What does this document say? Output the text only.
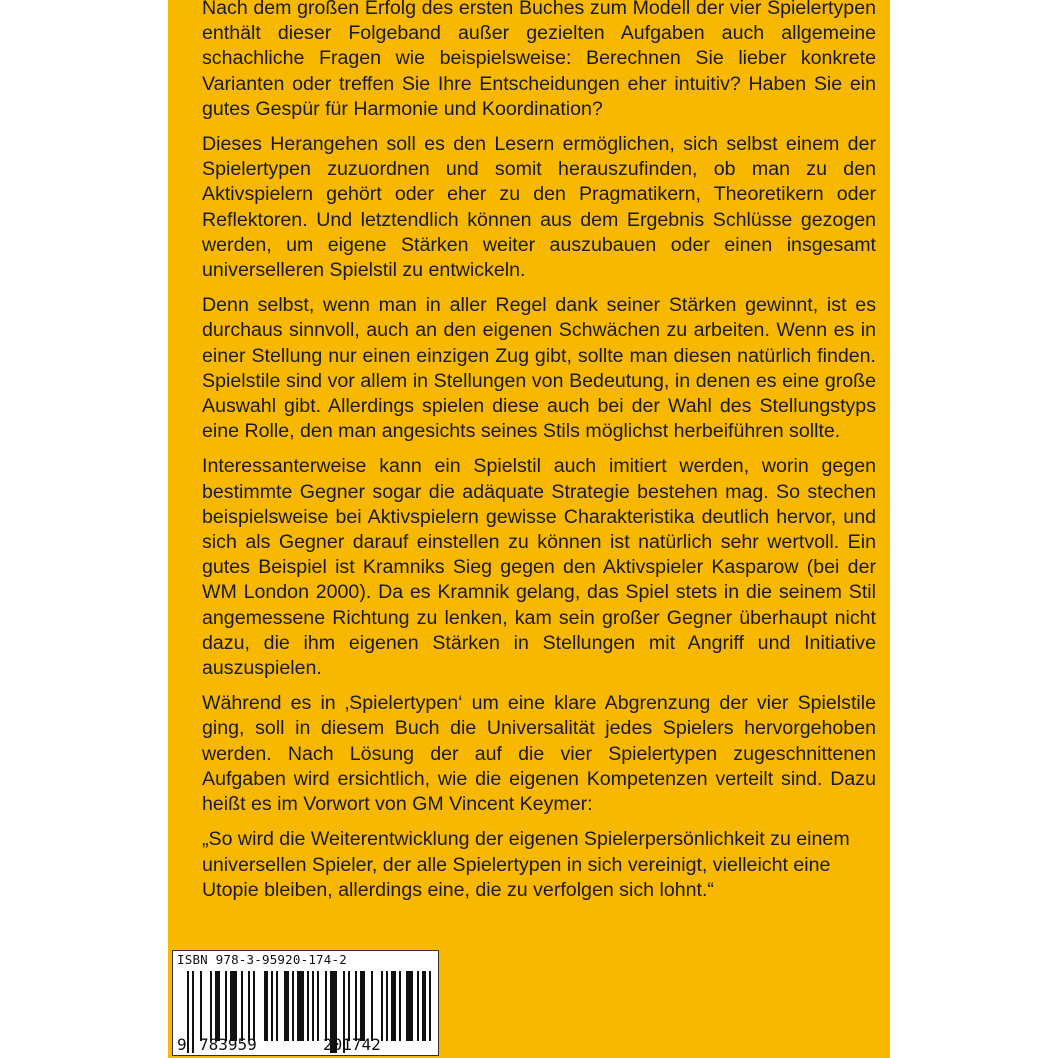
Nach dem großen Erfolg des ersten Buches zum Modell der vier Spielertypen enthält dieser Folgeband außer gezielten Aufgaben auch allgemeine schachliche Fragen wie beispielsweise: Berechnen Sie lieber konkrete Varianten oder treffen Sie Ihre Entscheidungen eher intuitiv? Haben Sie ein gutes Gespür für Harmonie und Koordination?

Dieses Herangehen soll es den Lesern ermöglichen, sich selbst einem der Spielertypen zuzuordnen und somit herauszufinden, ob man zu den Aktivspielern gehört oder eher zu den Pragmatikern, Theoretikern oder Reflektoren. Und letztendlich können aus dem Ergebnis Schlüsse gezogen werden, um eigene Stärken weiter auszubauen oder einen insgesamt universelleren Spielstil zu entwickeln.

Denn selbst, wenn man in aller Regel dank seiner Stärken gewinnt, ist es durchaus sinnvoll, auch an den eigenen Schwächen zu arbeiten. Wenn es in einer Stellung nur einen einzigen Zug gibt, sollte man diesen natürlich finden. Spielstile sind vor allem in Stellungen von Bedeutung, in denen es eine große Auswahl gibt. Allerdings spielen diese auch bei der Wahl des Stellungstyps eine Rolle, den man angesichts seines Stils möglichst herbeiführen sollte.

Interessanterweise kann ein Spielstil auch imitiert werden, worin gegen bestimmte Gegner sogar die adäquate Strategie bestehen mag. So stechen beispielsweise bei Aktivspielern gewisse Charakteristika deutlich hervor, und sich als Gegner darauf einstellen zu können ist natürlich sehr wertvoll. Ein gutes Beispiel ist Kramniks Sieg gegen den Aktivspieler Kasparow (bei der WM London 2000). Da es Kramnik gelang, das Spiel stets in die seinem Stil angemessene Richtung zu lenken, kam sein großer Gegner überhaupt nicht dazu, die ihm eigenen Stärken in Stellungen mit Angriff und Initiative auszuspielen.

Während es in ‚Spielertypen‘ um eine klare Abgrenzung der vier Spielstile ging, soll in diesem Buch die Universalität jedes Spielers hervorgehoben werden. Nach Lösung der auf die vier Spielertypen zugeschnittenen Aufgaben wird ersichtlich, wie die eigenen Kompetenzen verteilt sind. Dazu heißt es im Vorwort von GM Vincent Keymer:

„So wird die Weiterentwicklung der eigenen Spielerpersönlichkeit zu einem universellen Spieler, der alle Spielertypen in sich vereinigt, vielleicht eine Utopie bleiben, allerdings eine, die zu verfolgen sich lohnt.“

ISBN 978-3-95920-174-2
9 783959	201742
